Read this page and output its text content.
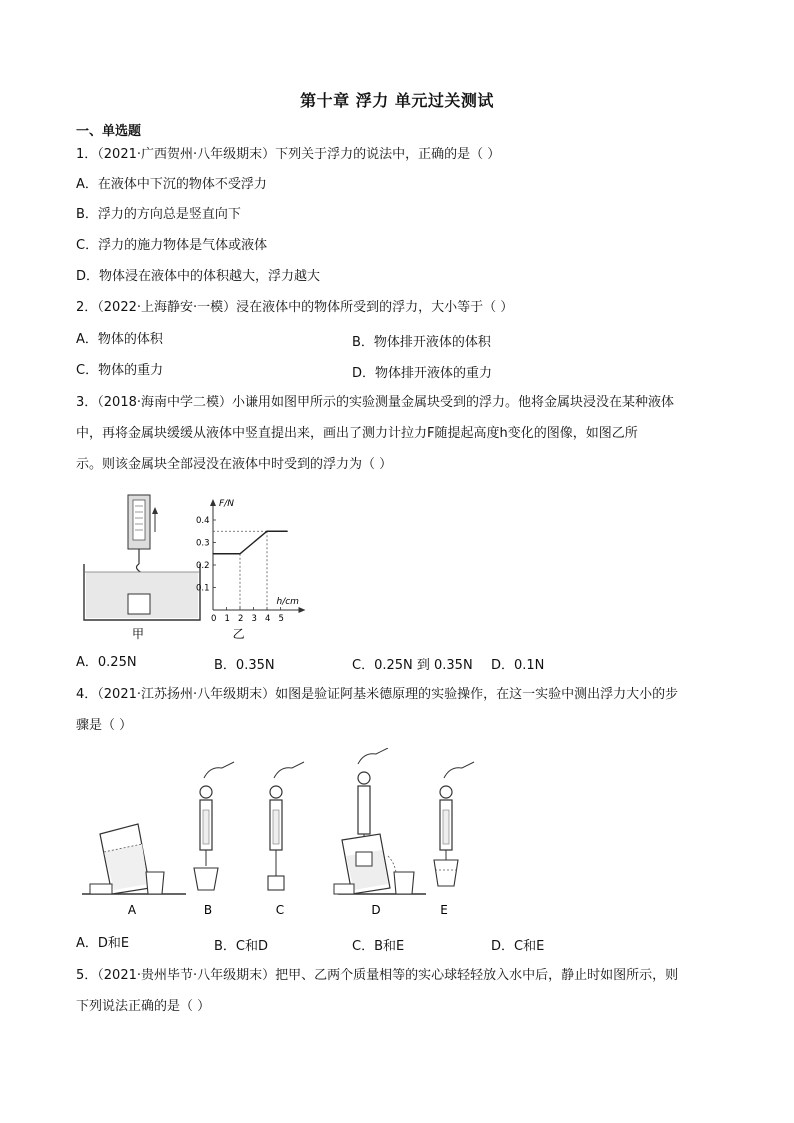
第十章 浮力 单元过关测试
一、单选题
1．（2021·广西贺州·八年级期末）下列关于浮力的说法中，正确的是（ ）
A．在液体中下沉的物体不受浮力
B．浮力的方向总是竖直向下
C．浮力的施力物体是气体或液体
D．物体浸在液体中的体积越大，浮力越大
2．（2022·上海静安·一模）浸在液体中的物体所受到的浮力，大小等于（ ）
A．物体的体积	B．物体排开液体的体积
C．物体的重力	D．物体排开液体的重力
3．（2018·海南中学二模）小谦用如图甲所示的实验测量金属块受到的浮力。他将金属块浸没在某种液体
中，再将金属块缓缓从液体中竖直提出来，画出了测力计拉力F随提起高度h变化的图像，如图乙所
示。则该金属块全部浸没在液体中时受到的浮力为（ ）
甲
F/N
h/cm
0 1 2 3 4 5
0.1
0.2
0.3
0.4
乙
A．0.25N	B．0.35N	C．0.25N 到 0.35N D．0.1N
4．（2021·江苏扬州·八年级期末）如图是验证阿基米德原理的实验操作，在这一实验中测出浮力大小的步
骤是（ ）
A	B	C	D	E
A．D和E	B．C和D	C．B和E	D．C和E
5．（2021·贵州毕节·八年级期末）把甲、乙两个质量相等的实心球轻轻放入水中后，静止时如图所示，则
下列说法正确的是（ ）
